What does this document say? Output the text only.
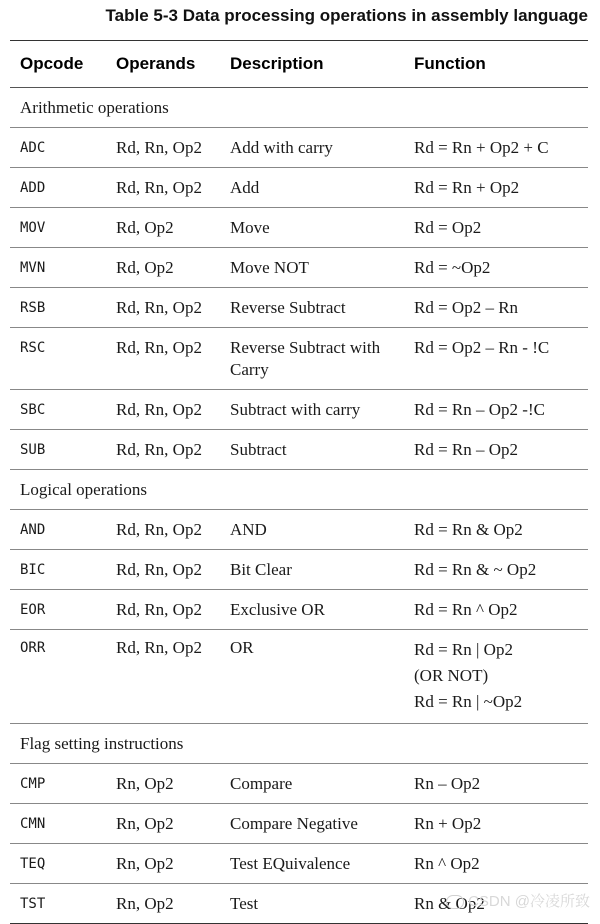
Table 5-3 Data processing operations in assembly language
Opcode	Operands	Description	Function
Arithmetic operations			
ADC	Rd, Rn, Op2	Add with carry	Rd = Rn + Op2 + C
ADD	Rd, Rn, Op2	Add	Rd = Rn + Op2
MOV	Rd, Op2	Move	Rd = Op2
MVN	Rd, Op2	Move NOT	Rd = ~Op2
RSB	Rd, Rn, Op2	Reverse Subtract	Rd = Op2 – Rn
RSC	Rd, Rn, Op2	Reverse Subtract with Carry	Rd = Op2 – Rn - !C
SBC	Rd, Rn, Op2	Subtract with carry	Rd = Rn – Op2 -!C
SUB	Rd, Rn, Op2	Subtract	Rd = Rn – Op2
Logical operations			
AND	Rd, Rn, Op2	AND	Rd = Rn & Op2
BIC	Rd, Rn, Op2	Bit Clear	Rd = Rn & ~ Op2
EOR	Rd, Rn, Op2	Exclusive OR	Rd = Rn ^ Op2
ORR	Rd, Rn, Op2	OR	Rd = Rn | Op2
(OR NOT)
Rd = Rn | ~Op2

Flag setting instructions			
CMP	Rn, Op2	Compare	Rn – Op2
CMN	Rn, Op2	Compare Negative	Rn + Op2
TEQ	Rn, Op2	Test EQuivalence	Rn ^ Op2
TST	Rn, Op2	Test	Rn & Op2
CSDN @冷凌所致
